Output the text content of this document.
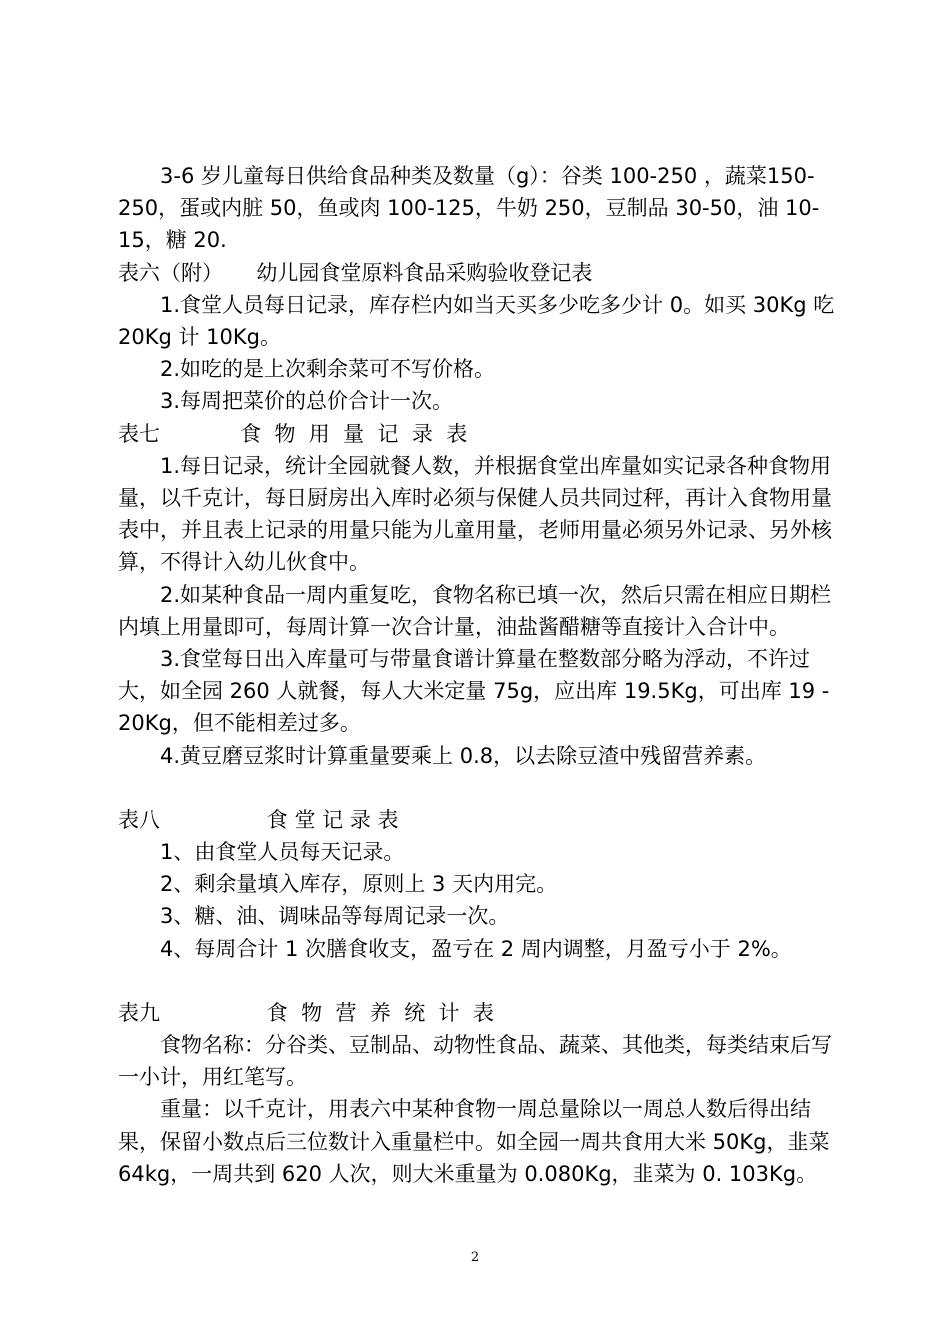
3-6 岁儿童每日供给食品种类及数量（g）：谷类 100-250 ，蔬菜150-250，蛋或内脏 50，鱼或肉 100-125，牛奶 250，豆制品 30-50，油 10-15，糖 20.

表六（附）     幼儿园食堂原料食品采购验收登记表

1.食堂人员每日记录，库存栏内如当天买多少吃多少计 0。如买 30Kg 吃 20Kg 计 10Kg。

2.如吃的是上次剩余菜可不写价格。

3.每周把菜价的总价合计一次。

表七            食  物  用  量  记  录  表

1.每日记录，统计全园就餐人数，并根据食堂出库量如实记录各种食物用量，以千克计，每日厨房出入库时必须与保健人员共同过秤，再计入食物用量表中，并且表上记录的用量只能为儿童用量，老师用量必须另外记录、另外核算，不得计入幼儿伙食中。

2.如某种食品一周内重复吃，食物名称已填一次，然后只需在相应日期栏内填上用量即可，每周计算一次合计量，油盐酱醋糖等直接计入合计中。

3.食堂每日出入库量可与带量食谱计算量在整数部分略为浮动，不许过大，如全园 260 人就餐，每人大米定量 75g，应出库 19.5Kg，可出库 19 - 20Kg，但不能相差过多。

4.黄豆磨豆浆时计算重量要乘上 0.8，以去除豆渣中残留营养素。

表八                食 堂 记 录 表

1、由食堂人员每天记录。

2、剩余量填入库存，原则上 3 天内用完。

3、糖、油、调味品等每周记录一次。

4、每周合计 1 次膳食收支，盈亏在 2 周内调整，月盈亏小于 2%。

表九                食  物  营  养  统  计  表

食物名称：分谷类、豆制品、动物性食品、蔬菜、其他类，每类结束后写一小计，用红笔写。

重量：以千克计，用表六中某种食物一周总量除以一周总人数后得出结果，保留小数点后三位数计入重量栏中。如全园一周共食用大米 50Kg，韭菜 64kg，一周共到 620 人次，则大米重量为 0.080Kg，韭菜为 0. 103Kg。

2
